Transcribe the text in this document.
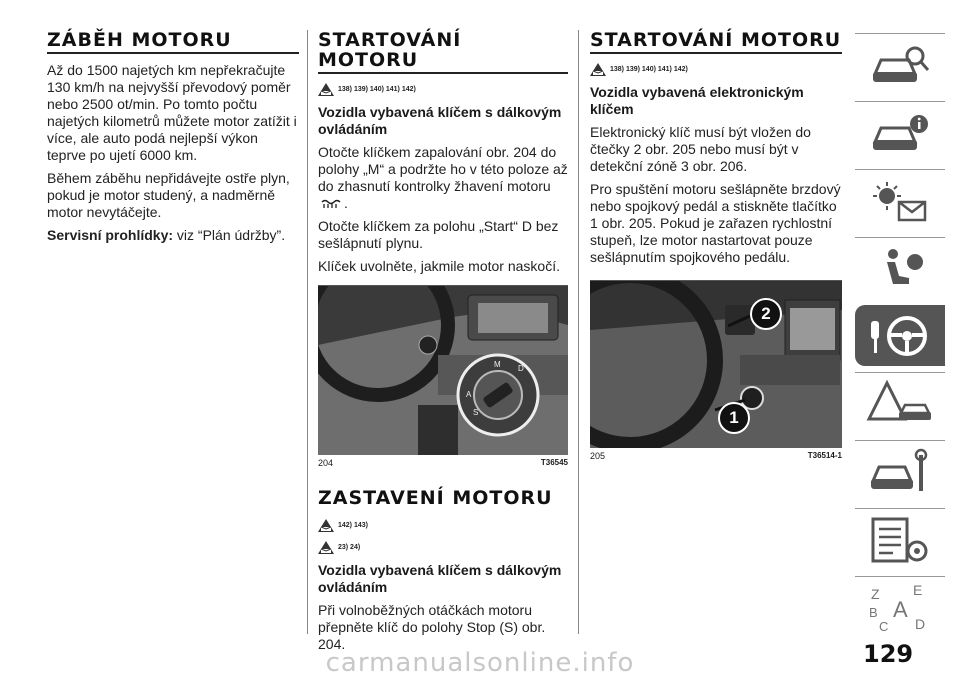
ZÁBĚH MOTORU

Až do 1500 najetých km nepřekračujte 130 km/h na nejvyšší převodový poměr nebo 2500 ot/min. Po tomto počtu najetých kilometrů můžete motor zatížit i více, ale auto podá nejlepší výkon teprve po ujetí 6000 km.

Během záběhu nepřidávejte ostře plyn, pokud je motor studený, a nadměrně motor nevytáčejte.

Servisní prohlídky: viz “Plán údržby”.

STARTOVÁNÍ MOTORU
138) 139) 140) 141) 142)
Vozidla vybavená klíčem s dálkovým ovládáním

Otočte klíčkem zapalování obr. 204 do polohy „M“ a podržte ho v této poloze až do zhasnutí kontrolky žhavení motoru .

Otočte klíčkem za polohu „Start“ D bez sešlápnutí plynu.

Klíček uvolněte, jakmile motor naskočí.

M
A
D
S
204	T36545
ZASTAVENÍ MOTORU
142) 143)
23) 24)
Vozidla vybavená klíčem s dálkovým ovládáním

Při volnoběžných otáčkách motoru přepněte klíč do polohy Stop (S) obr. 204.

STARTOVÁNÍ MOTORU
138) 139) 140) 141) 142)
Vozidla vybavená elektronickým klíčem

Elektronický klíč musí být vložen do čtečky 2 obr. 205 nebo musí být v detekční zóně 3 obr. 206.

Pro spuštění motoru sešlápněte brzdový nebo spojkový pedál a stiskněte tlačítko 1 obr. 205. Pokud je zařazen rychlostní stupeň, lze motor nastartovat pouze sešlápnutím spojkového pedálu.

1
2
205	T36514-1
Z E
B A
C D
129
carmanualsonline.info
